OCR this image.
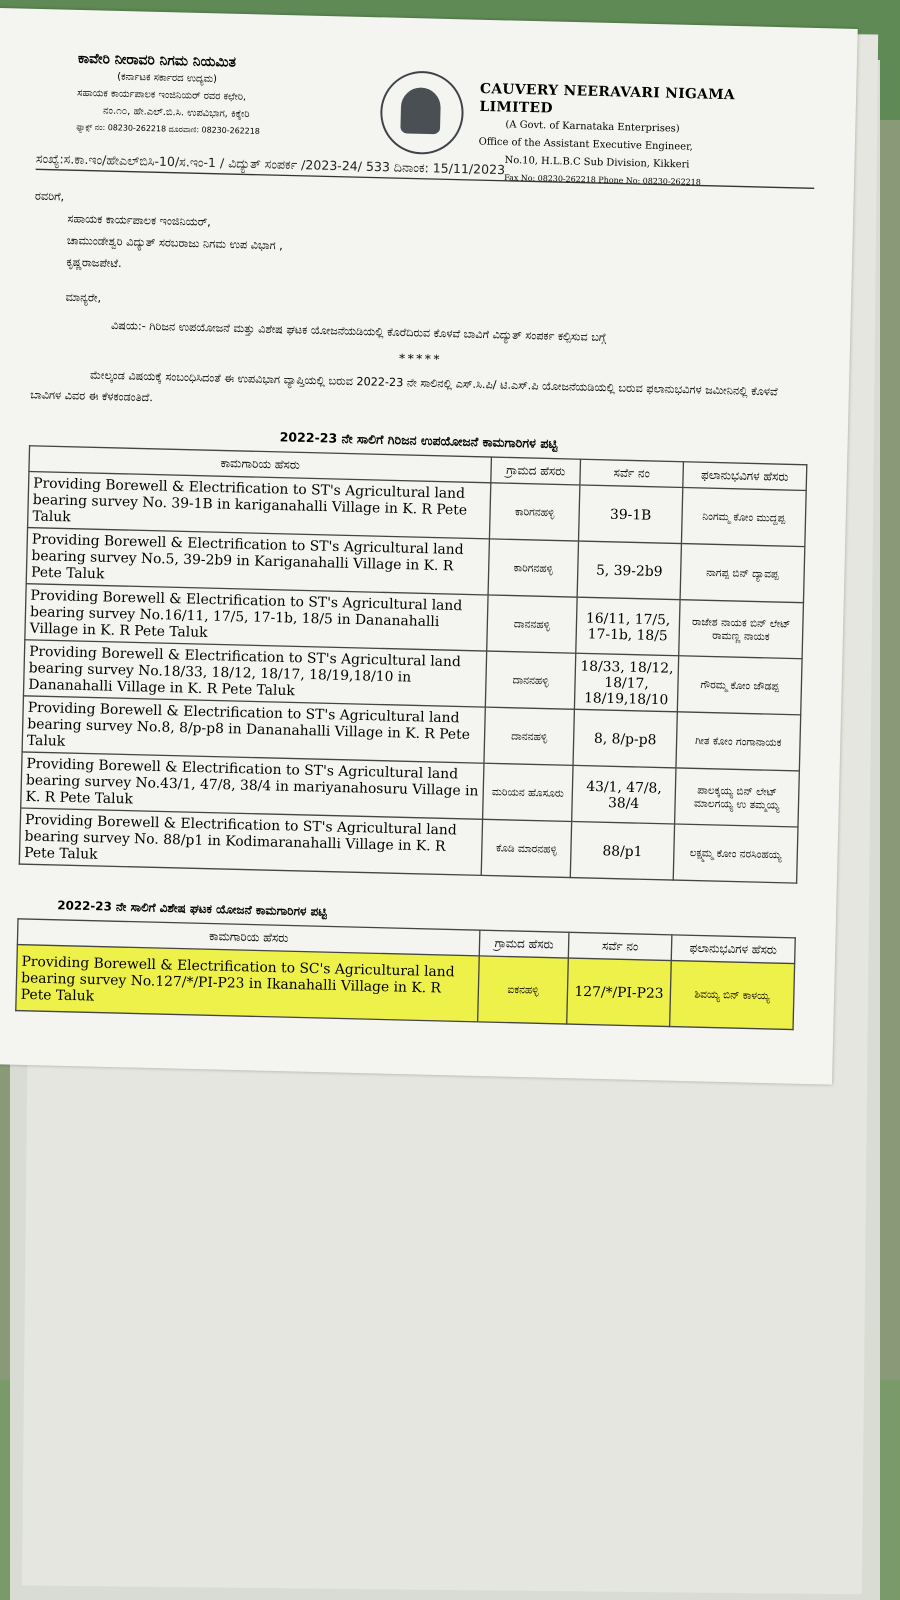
ಕಾವೇರಿ ನೀರಾವರಿ ನಿಗಮ ನಿಯಮಿತ
(ಕರ್ನಾಟಕ ಸರ್ಕಾರದ ಉದ್ಯಮ)
ಸಹಾಯಕ ಕಾರ್ಯಪಾಲಕ ಇಂಜಿನಿಯರ್ ರವರ ಕಛೇರಿ,
ನಂ.೧೦, ಹೇ.ಎಲ್.ಬಿ.ಸಿ. ಉಪವಿಭಾಗ, ಕಿಕ್ಕೇರಿ
ಫ್ಯಾಕ್ಸ್ ನಂ: 08230-262218 ದೂರವಾಣಿ: 08230-262218
CAUVERY NEERAVARI NIGAMA LIMITED
(A Govt. of Karnataka Enterprises)
Office of the Assistant Executive Engineer,
No.10, H.L.B.C Sub Division, Kikkeri
Fax No: 08230-262218 Phone No: 08230-262218
ಸಂಖ್ಯೆ:ಸ.ಕಾ.ಇಂ/ಹೇಎಲ್‌ಬಿಸಿ-10/ಸ.ಇಂ-1 / ವಿದ್ಯುತ್ ಸಂಪರ್ಕ /2023-24/ 533 ದಿನಾಂಕ: 15/11/2023
ರವರಿಗೆ,
ಸಹಾಯಕ ಕಾರ್ಯಪಾಲಕ ಇಂಜಿನಿಯರ್,
ಚಾಮುಂಡೇಶ್ವರಿ ವಿದ್ಯುತ್ ಸರಬರಾಜು ನಿಗಮ ಉಪ ವಿಭಾಗ ,
ಕೃಷ್ಣರಾಜಪೇಟೆ.
ಮಾನ್ಯರೇ,
ವಿಷಯ:- ಗಿರಿಜನ ಉಪಯೋಜನೆ ಮತ್ತು ವಿಶೇಷ ಘಟಕ ಯೋಜನೆಯಡಿಯಲ್ಲಿ ಕೊರೆದಿರುವ ಕೊಳವೆ ಬಾವಿಗೆ ವಿದ್ಯುತ್ ಸಂಪರ್ಕ ಕಲ್ಪಿಸುವ ಬಗ್ಗೆ
*****
ಮೇಲ್ಕಂಡ ವಿಷಯಕ್ಕೆ ಸಂಬಂಧಿಸಿದಂತೆ ಈ ಉಪವಿಭಾಗ ವ್ಯಾಪ್ತಿಯಲ್ಲಿ ಬರುವ 2022-23 ನೇ ಸಾಲಿನಲ್ಲಿ ಎಸ್.ಸಿ.ಪಿ/ ಟಿ.ಎಸ್.ಪಿ ಯೋಜನೆಯಡಿಯಲ್ಲಿ ಬರುವ ಫಲಾನುಭವಿಗಳ ಜಮೀನಿನಲ್ಲಿ ಕೊಳವೆ ಬಾವಿಗಳ ವಿವರ ಈ ಕೆಳಕಂಡಂತಿದೆ.
2022-23 ನೇ ಸಾಲಿಗೆ ಗಿರಿಜನ ಉಪಯೋಜನೆ ಕಾಮಗಾರಿಗಳ ಪಟ್ಟಿ
ಕಾಮಗಾರಿಯ ಹೆಸರು	ಗ್ರಾಮದ ಹೆಸರು	ಸರ್ವೆ ನಂ	ಫಲಾನುಭವಿಗಳ ಹೆಸರು
Providing Borewell & Electrification to ST's Agricultural land bearing survey No. 39-1B in kariganahalli Village in K. R Pete Taluk	ಕಾರಿಗನಹಳ್ಳಿ	39-1B	ನಿಂಗಮ್ಮ ಕೋಂ ಮುದ್ದಪ್ಪ
Providing Borewell & Electrification to ST's Agricultural land bearing survey No.5, 39-2b9 in Kariganahalli Village in K. R Pete Taluk	ಕಾರಿಗನಹಳ್ಳಿ	5, 39-2b9	ನಾಗಪ್ಪ ಬಿನ್ ದ್ಯಾವಪ್ಪ
Providing Borewell & Electrification to ST's Agricultural land bearing survey No.16/11, 17/5, 17-1b, 18/5 in Dananahalli Village in K. R Pete Taluk	ದಾನನಹಳ್ಳಿ	16/11, 17/5, 17-1b, 18/5	ರಾಜೇಶ ನಾಯಕ ಬಿನ್ ಲೇಟ್ ರಾಮಣ್ಣ ನಾಯಕ
Providing Borewell & Electrification to ST's Agricultural land bearing survey No.18/33, 18/12, 18/17, 18/19,18/10 in Dananahalli Village in K. R Pete Taluk	ದಾನನಹಳ್ಳಿ	18/33, 18/12, 18/17, 18/19,18/10	ಗೌರಮ್ಮ ಕೋಂ ಜೌಡಪ್ಪ
Providing Borewell & Electrification to ST's Agricultural land bearing survey No.8, 8/p-p8 in Dananahalli Village in K. R Pete Taluk	ದಾನನಹಳ್ಳಿ	8, 8/p-p8	ಗೀತ ಕೋಂ ಗಂಗಾನಾಯಕ
Providing Borewell & Electrification to ST's Agricultural land bearing survey No.43/1, 47/8, 38/4 in mariyanahosuru Village in K. R Pete Taluk	ಮರಿಯನ ಹೊಸೂರು	43/1, 47/8, 38/4	ಪಾಲಕ್ಕಯ್ಯ ಬಿನ್ ಲೇಟ್ ಮಾಲಗಯ್ಯ ಉ ತಮ್ಮಯ್ಯ
Providing Borewell & Electrification to ST's Agricultural land bearing survey No. 88/p1 in Kodimaranahalli Village in K. R Pete Taluk	ಕೊಡಿ ಮಾರನಹಳ್ಳಿ	88/p1	ಲಕ್ಷ್ಮಮ್ಮ ಕೋಂ ನರಸಿಂಹಯ್ಯ
2022-23 ನೇ ಸಾಲಿಗೆ ವಿಶೇಷ ಘಟಕ ಯೋಜನೆ ಕಾಮಗಾರಿಗಳ ಪಟ್ಟಿ
ಕಾಮಗಾರಿಯ ಹೆಸರು	ಗ್ರಾಮದ ಹೆಸರು	ಸರ್ವೆ ನಂ	ಫಲಾನುಭವಿಗಳ ಹೆಸರು
Providing Borewell & Electrification to SC's Agricultural land bearing survey No.127/*/PI-P23 in Ikanahalli Village in K. R Pete Taluk	ಐಕನಹಳ್ಳಿ	127/*/PI-P23	ಶಿವಯ್ಯ ಬಿನ್ ಕಾಳಯ್ಯ
